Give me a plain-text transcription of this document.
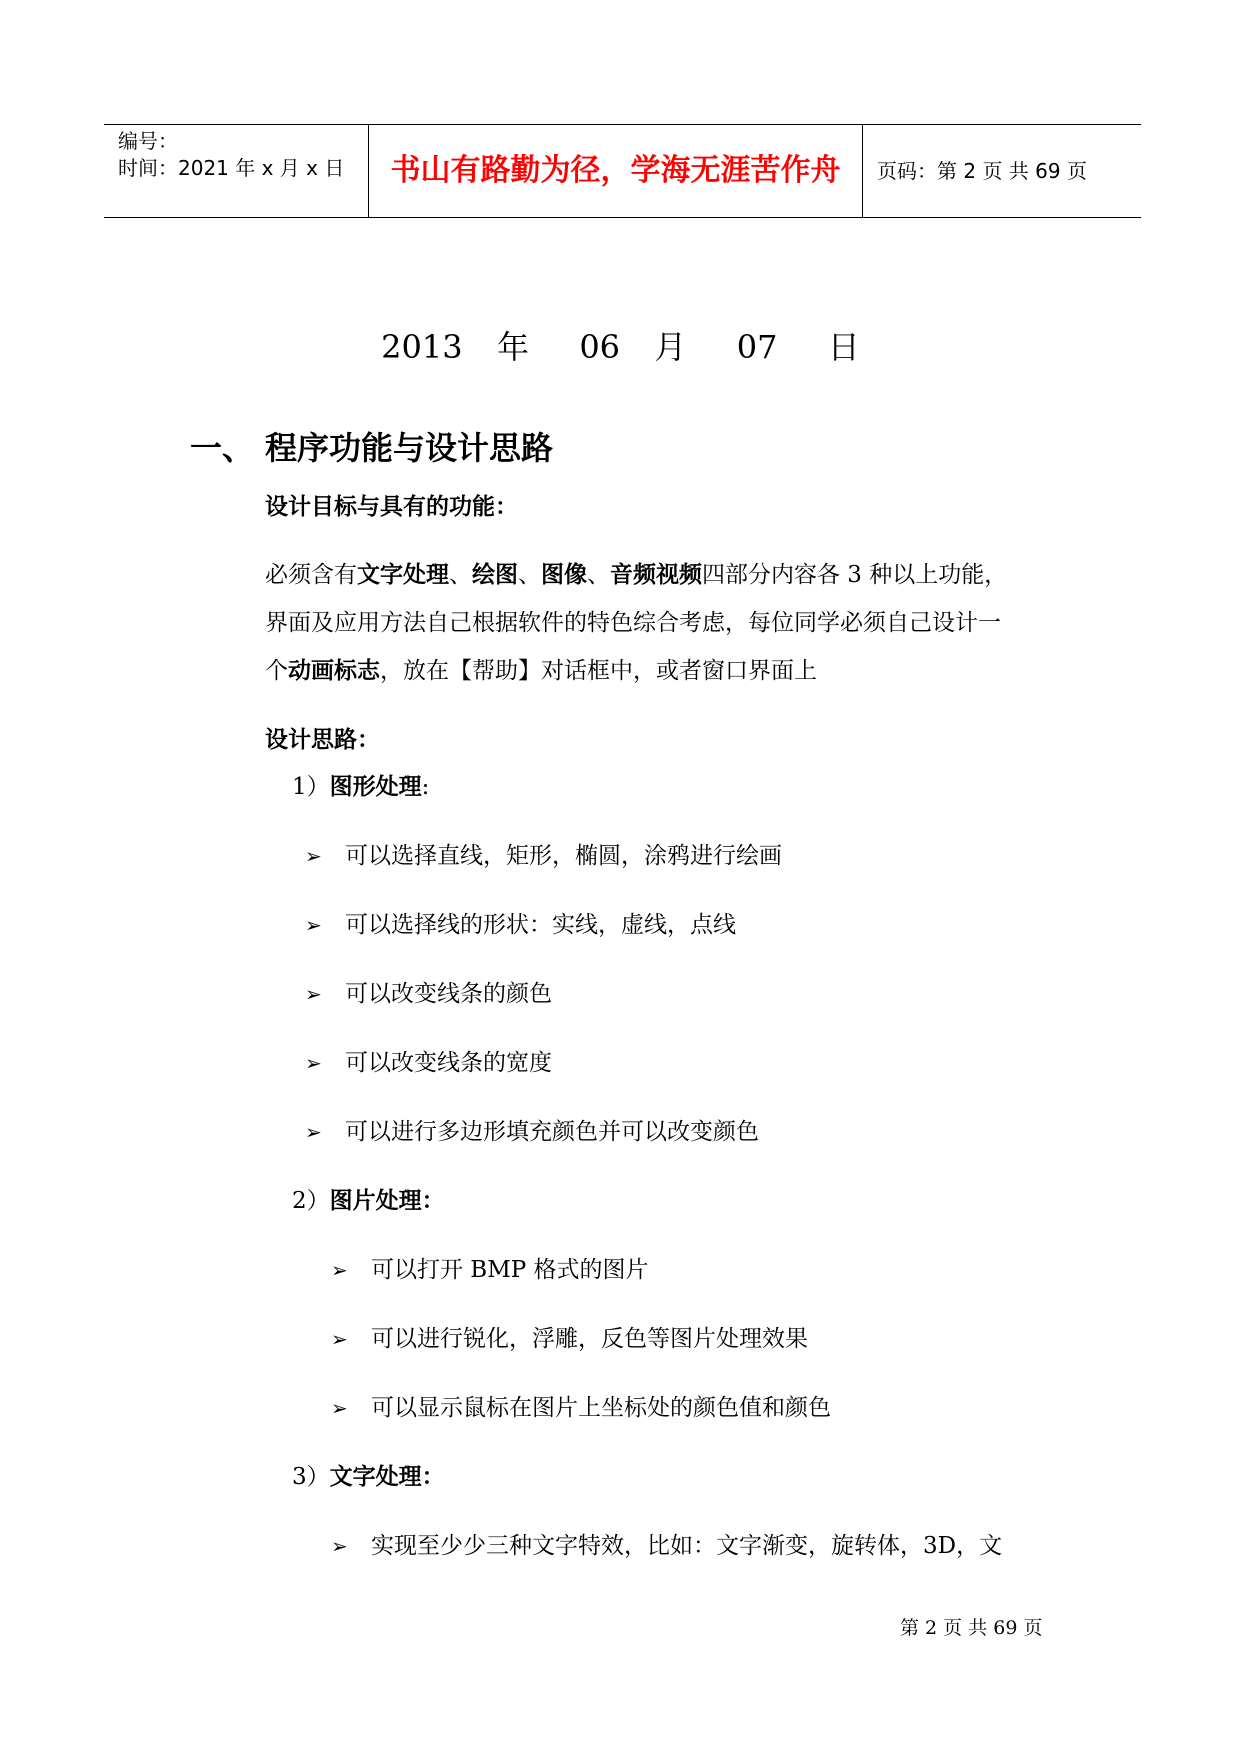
编号：
时间：2021 年 x 月 x 日	书山有路勤为径，学海无涯苦作舟	页码：第 2 页 共 69 页
2013 年 06 月 07 日
一、 程序功能与设计思路
设计目标与具有的功能：
必须含有文字处理、绘图、图像、音频视频四部分内容各 3 种以上功能，
界面及应用方法自己根据软件的特色综合考虑，每位同学必须自己设计一
个动画标志，放在【帮助】对话框中，或者窗口界面上
设计思路：
1）图形处理:
➢ 可以选择直线，矩形，椭圆，涂鸦进行绘画
➢ 可以选择线的形状：实线，虚线，点线
➢ 可以改变线条的颜色
➢ 可以改变线条的宽度
➢ 可以进行多边形填充颜色并可以改变颜色
2）图片处理：
➢ 可以打开 BMP 格式的图片
➢ 可以进行锐化，浮雕，反色等图片处理效果
➢ 可以显示鼠标在图片上坐标处的颜色值和颜色
3）文字处理：
➢ 实现至少少三种文字特效，比如：文字渐变，旋转体，3D，文
第 2 页 共 69 页
